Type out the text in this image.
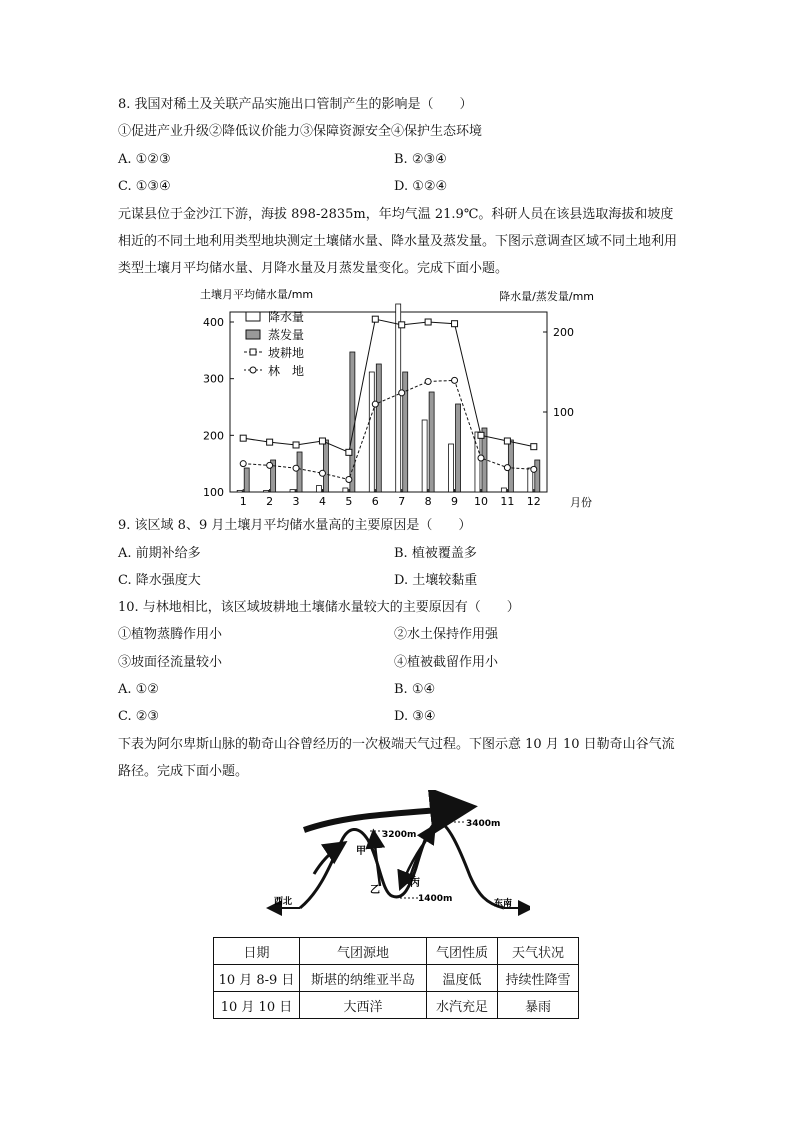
8. 我国对稀土及关联产品实施出口管制产生的影响是（　　）
①促进产业升级②降低议价能力③保障资源安全④保护生态环境
A. ①②③	B. ②③④
C. ①③④	D. ①②④
元谋县位于金沙江下游，海拔 898-2835m，年均气温 21.9℃。科研人员在该县选取海拔和坡度相近的不同土地利用类型地块测定土壤储水量、降水量及蒸发量。下图示意调查区域不同土地利用类型土壤月平均储水量、月降水量及月蒸发量变化。完成下面小题。
100
200
300
400
100
200
1 2 3 4 5 6 7 8 9 10 11 12
降水量
蒸发量
坡耕地
林　地
土壤月平均储水量/mm	降水量/蒸发量/mm
月份
9. 该区域 8、9 月土壤月平均储水量高的主要原因是（　　）
A. 前期补给多	B. 植被覆盖多
C. 降水强度大	D. 土壤较黏重
10. 与林地相比，该区域坡耕地土壤储水量较大的主要原因有（　　）
①植物蒸腾作用小	②水土保持作用强
③坡面径流量较小	④植被截留作用小
A. ①②	B. ①④
C. ②③	D. ③④
下表为阿尔卑斯山脉的勒奇山谷曾经历的一次极端天气过程。下图示意 10 月 10 日勒奇山谷气流路径。完成下面小题。
3400m
3200m
1400m
甲
乙
丙
西北	东南
日期	气团源地	气团性质	天气状况
10 月 8-9 日	斯堪的纳维亚半岛	温度低	持续性降雪
10 月 10 日	大西洋	水汽充足	暴雨
